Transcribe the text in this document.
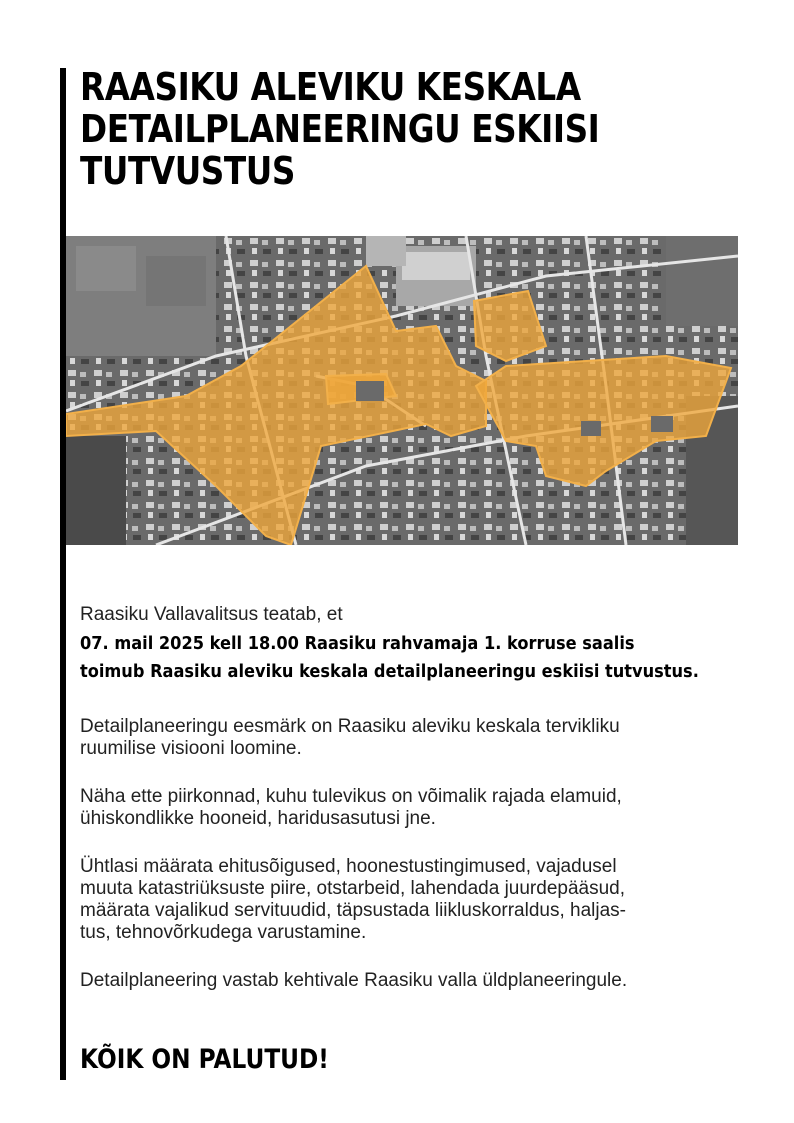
RAASIKU ALEVIKU KESKALA
DETAILPLANEERINGU ESKIISI
TUTVUSTUS

Raasiku Vallavalitsus teatab, et

07. mail 2025 kell 18.00 Raasiku rahvamaja 1. korruse saalis
toimub Raasiku aleviku keskala detailplaneeringu eskiisi tutvustus.

Detailplaneeringu eesmärk on Raasiku aleviku keskala tervikliku
ruumilise visiooni loomine.

Näha ette piirkonnad, kuhu tulevikus on võimalik rajada elamuid,
ühiskondlikke hooneid, haridusasutusi jne.

Ühtlasi määrata ehitusõigused, hoonestustingimused, vajadusel
muuta katastriüksuste piire, otstarbeid, lahendada juurdepääsud,
määrata vajalikud servituudid, täpsustada liikluskorraldus, haljas-
tus, tehnovõrkudega varustamine.

Detailplaneering vastab kehtivale Raasiku valla üldplaneeringule.

KÕIK ON PALUTUD!
